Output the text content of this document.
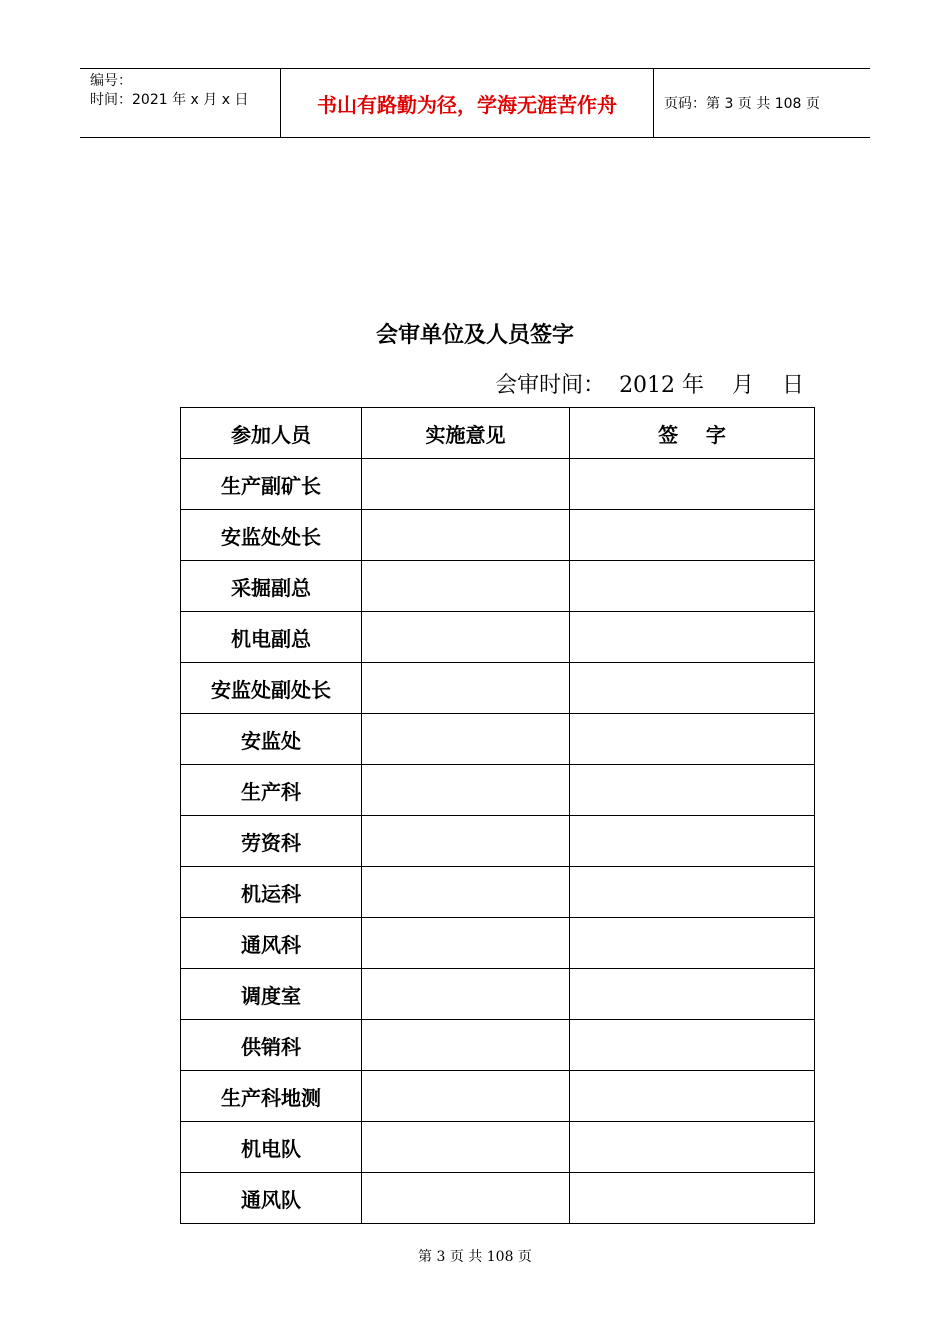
编号：
时间：2021 年 x 月 x 日	书山有路勤为径，学海无涯苦作舟	页码：第 3 页 共 108 页
会审单位及人员签字
会审时间：  2012 年    月    日
参加人员	实施意见	签    字
生产副矿长		
安监处处长		
采掘副总		
机电副总		
安监处副处长		
安监处		
生产科		
劳资科		
机运科		
通风科		
调度室		
供销科		
生产科地测		
机电队		
通风队		
第 3 页 共 108 页
